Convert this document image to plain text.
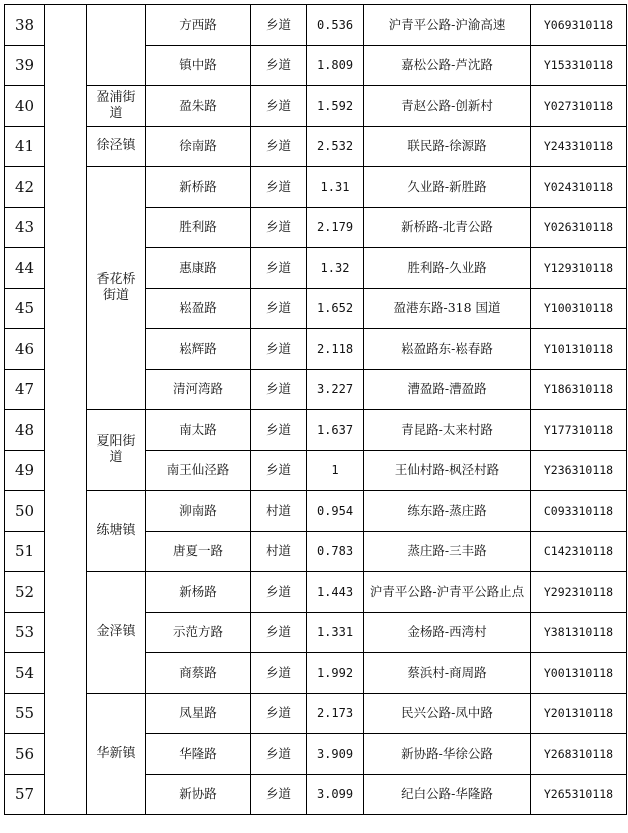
38			方西路	乡道	0.536	沪青平公路-沪渝高速	Y069310118
39			镇中路	乡道	1.809	嘉松公路-芦沈路	Y153310118
40		盈浦街道	盈朱路	乡道	1.592	青赵公路-创新村	Y027310118
41		徐泾镇	徐南路	乡道	2.532	联民路-徐源路	Y243310118
42		香花桥街道	新桥路	乡道	1.31	久业路-新胜路	Y024310118
43			胜利路	乡道	2.179	新桥路-北青公路	Y026310118
44			惠康路	乡道	1.32	胜利路-久业路	Y129310118
45			崧盈路	乡道	1.652	盈港东路-318 国道	Y100310118
46			崧辉路	乡道	2.118	崧盈路东-崧春路	Y101310118
47			清河湾路	乡道	3.227	漕盈路-漕盈路	Y186310118
48		夏阳街道	南太路	乡道	1.637	青昆路-太来村路	Y177310118
49			南王仙泾路	乡道	1	王仙村路-枫泾村路	Y236310118
50		练塘镇	泖南路	村道	0.954	练东路-蒸庄路	C093310118
51			唐夏一路	村道	0.783	蒸庄路-三丰路	C142310118
52		金泽镇	新杨路	乡道	1.443	沪青平公路-沪青平公路止点	Y292310118
53			示范方路	乡道	1.331	金杨路-西湾村	Y381310118
54			商蔡路	乡道	1.992	蔡浜村-商周路	Y001310118
55		华新镇	凤星路	乡道	2.173	民兴公路-凤中路	Y201310118
56			华隆路	乡道	3.909	新协路-华徐公路	Y268310118
57			新协路	乡道	3.099	纪白公路-华隆路	Y265310118
